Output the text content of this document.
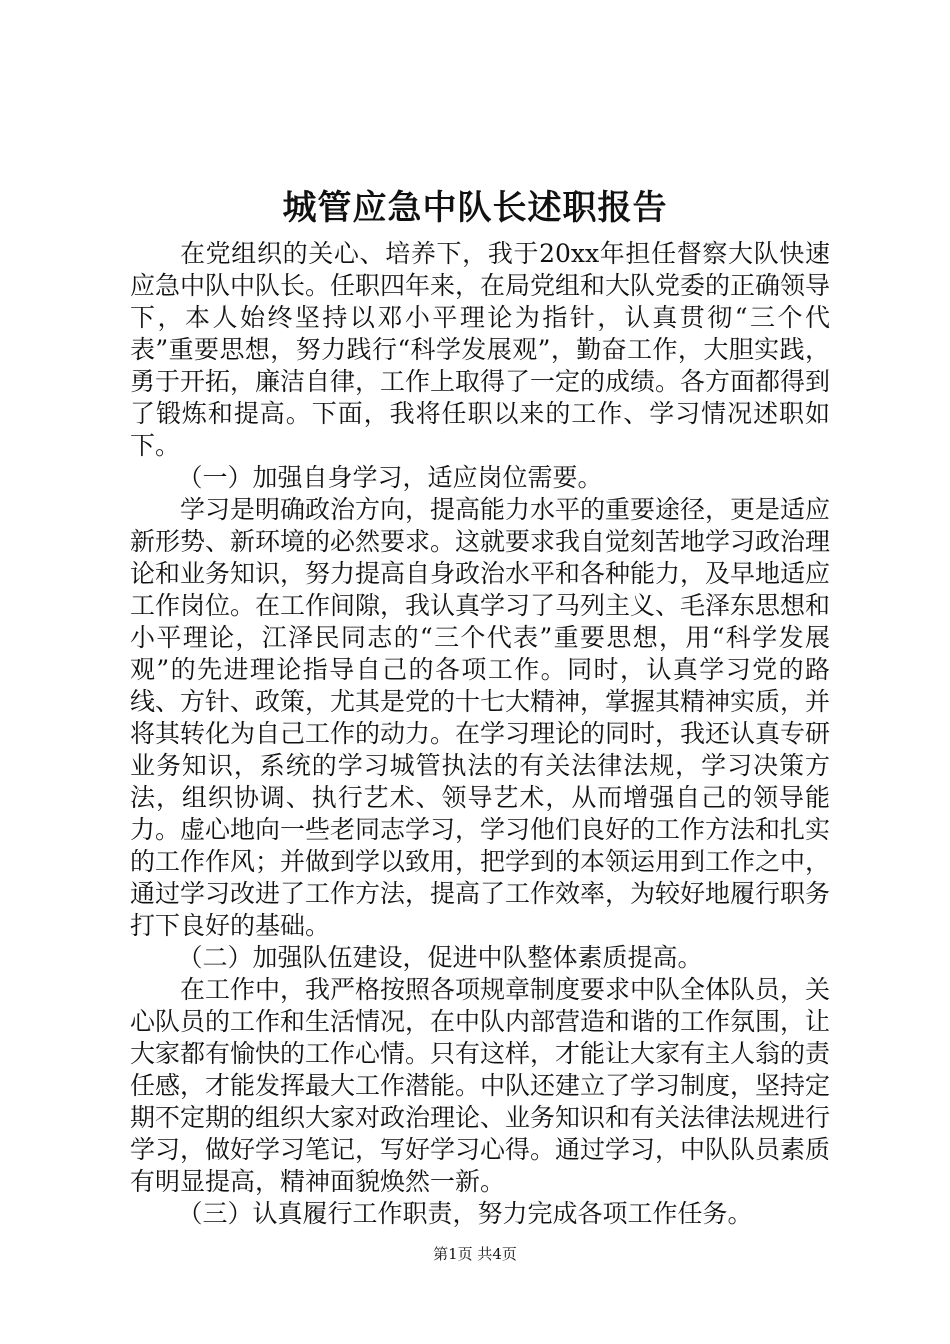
城管应急中队长述职报告

在党组织的关心、培养下，我于20xx年担任督察大队快速应急中队中队长。任职四年来，在局党组和大队党委的正确领导下，本人始终坚持以邓小平理论为指针，认真贯彻“三个代表”重要思想，努力践行“科学发展观”，勤奋工作，大胆实践，勇于开拓，廉洁自律，工作上取得了一定的成绩。各方面都得到了锻炼和提高。下面，我将任职以来的工作、学习情况述职如下。

（一）加强自身学习，适应岗位需要。

学习是明确政治方向，提高能力水平的重要途径，更是适应新形势、新环境的必然要求。这就要求我自觉刻苦地学习政治理论和业务知识，努力提高自身政治水平和各种能力，及早地适应工作岗位。在工作间隙，我认真学习了马列主义、毛泽东思想和小平理论，江泽民同志的“三个代表”重要思想，用“科学发展观”的先进理论指导自己的各项工作。同时，认真学习党的路线、方针、政策，尤其是党的十七大精神，掌握其精神实质，并将其转化为自己工作的动力。在学习理论的同时，我还认真专研业务知识，系统的学习城管执法的有关法律法规，学习决策方法，组织协调、执行艺术、领导艺术，从而增强自己的领导能力。虚心地向一些老同志学习，学习他们良好的工作方法和扎实的工作作风；并做到学以致用，把学到的本领运用到工作之中，通过学习改进了工作方法，提高了工作效率，为较好地履行职务打下良好的基础。

（二）加强队伍建设，促进中队整体素质提高。

在工作中，我严格按照各项规章制度要求中队全体队员，关心队员的工作和生活情况，在中队内部营造和谐的工作氛围，让大家都有愉快的工作心情。只有这样，才能让大家有主人翁的责任感，才能发挥最大工作潜能。中队还建立了学习制度，坚持定期不定期的组织大家对政治理论、业务知识和有关法律法规进行学习，做好学习笔记，写好学习心得。通过学习，中队队员素质有明显提高，精神面貌焕然一新。

（三）认真履行工作职责，努力完成各项工作任务。

第1页 共4页
